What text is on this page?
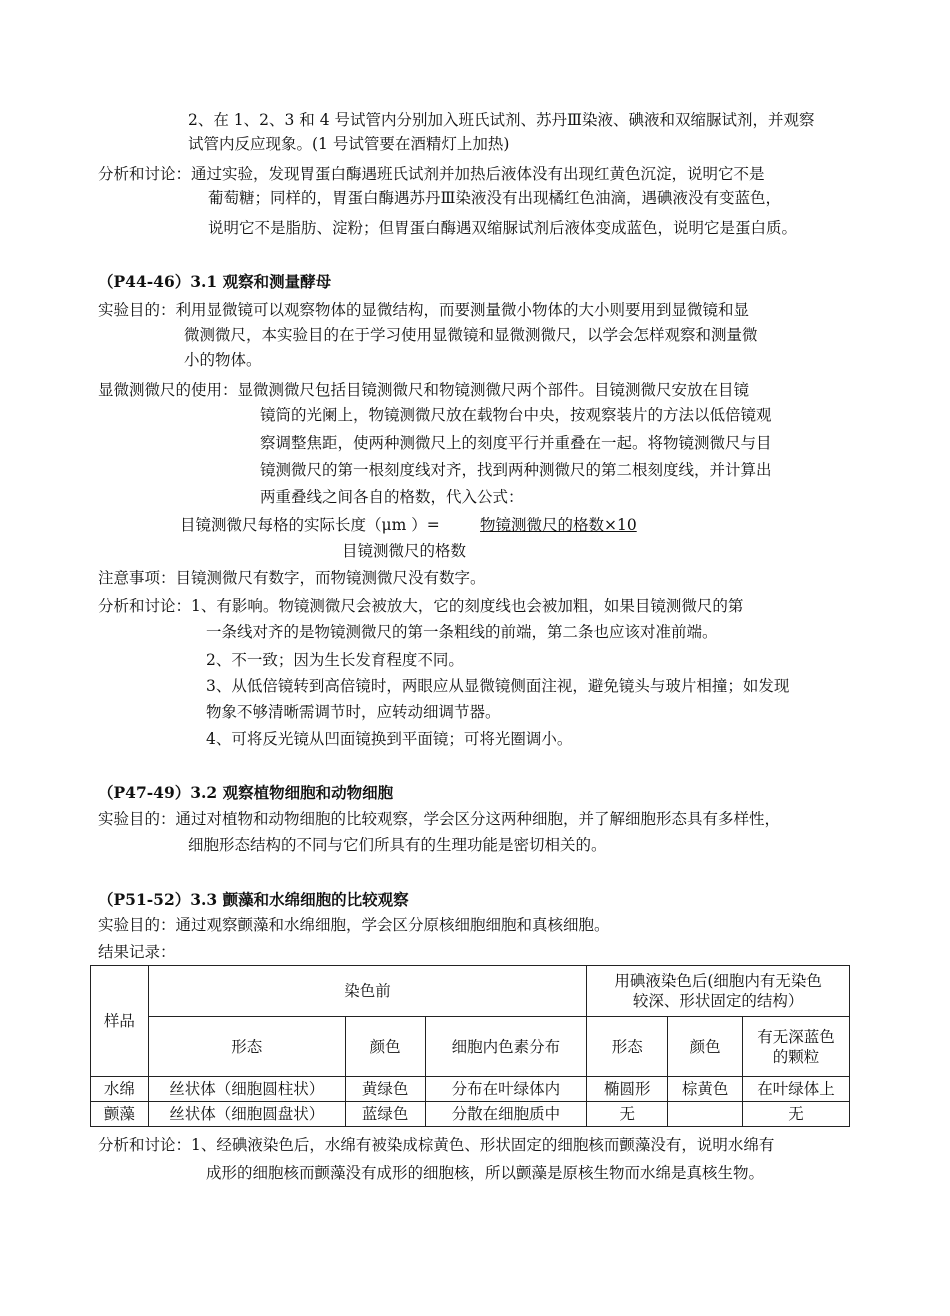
2、在 1、2、3 和 4 号试管内分别加入班氏试剂、苏丹Ⅲ染液、碘液和双缩脲试剂，并观察
试管内反应现象。(1 号试管要在酒精灯上加热)
分析和讨论：通过实验，发现胃蛋白酶遇班氏试剂并加热后液体没有出现红黄色沉淀，说明它不是
葡萄糖；同样的，胃蛋白酶遇苏丹Ⅲ染液没有出现橘红色油滴，遇碘液没有变蓝色，
说明它不是脂肪、淀粉；但胃蛋白酶遇双缩脲试剂后液体变成蓝色，说明它是蛋白质。
（P44-46）3.1 观察和测量酵母
实验目的：利用显微镜可以观察物体的显微结构，而要测量微小物体的大小则要用到显微镜和显
微测微尺，本实验目的在于学习使用显微镜和显微测微尺，以学会怎样观察和测量微
小的物体。
显微测微尺的使用：显微测微尺包括目镜测微尺和物镜测微尺两个部件。目镜测微尺安放在目镜
镜筒的光阑上，物镜测微尺放在载物台中央，按观察装片的方法以低倍镜观
察调整焦距，使两种测微尺上的刻度平行并重叠在一起。将物镜测微尺与目
镜测微尺的第一根刻度线对齐，找到两种测微尺的第二根刻度线，并计算出
两重叠线之间各自的格数，代入公式：
目镜测微尺每格的实际长度（μm ）=	物镜测微尺的格数×10
目镜测微尺的格数
注意事项：目镜测微尺有数字，而物镜测微尺没有数字。
分析和讨论：1、有影响。物镜测微尺会被放大，它的刻度线也会被加粗，如果目镜测微尺的第
一条线对齐的是物镜测微尺的第一条粗线的前端，第二条也应该对准前端。
2、不一致；因为生长发育程度不同。
3、从低倍镜转到高倍镜时，两眼应从显微镜侧面注视，避免镜头与玻片相撞；如发现
物象不够清晰需调节时，应转动细调节器。
4、可将反光镜从凹面镜换到平面镜；可将光圈调小。
（P47-49）3.2 观察植物细胞和动物细胞
实验目的：通过对植物和动物细胞的比较观察，学会区分这两种细胞，并了解细胞形态具有多样性，
细胞形态结构的不同与它们所具有的生理功能是密切相关的。
（P51-52）3.3 颤藻和水绵细胞的比较观察
实验目的：通过观察颤藻和水绵细胞，学会区分原核细胞细胞和真核细胞。
结果记录：
样品	染色前			用碘液染色后(细胞内有无染色
较深、形状固定的结构）		
	形态	颜色	细胞内色素分布	形态	颜色	有无深蓝色
的颗粒
水绵	丝状体（细胞圆柱状）	黄绿色	分布在叶绿体内	椭圆形	棕黄色	在叶绿体上
颤藻	丝状体（细胞圆盘状）	蓝绿色	分散在细胞质中	无		无
分析和讨论：1、经碘液染色后，水绵有被染成棕黄色、形状固定的细胞核而颤藻没有，说明水绵有
成形的细胞核而颤藻没有成形的细胞核，所以颤藻是原核生物而水绵是真核生物。
